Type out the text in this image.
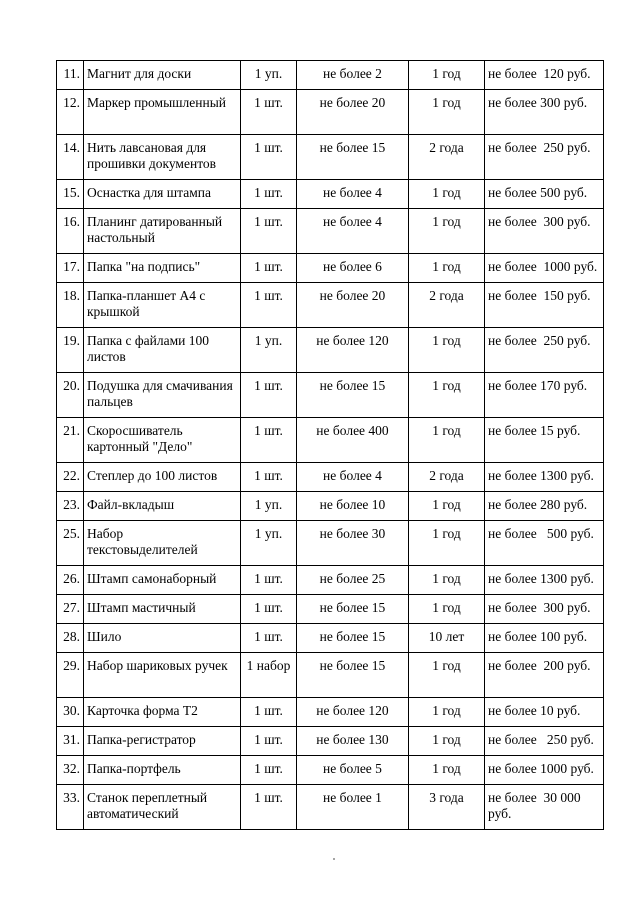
11.	Магнит для доски	1 уп.	не более 2	1 год	не более  120 руб.
12.	Маркер промышленный	1 шт.	не более 20	1 год	не более 300 руб.
14.	Нить лавсановая для прошивки документов	1 шт.	не более 15	2 года	не более  250 руб.
15.	Оснастка для штампа	1 шт.	не более 4	1 год	не более 500 руб.
16.	Планинг датированный настольный	1 шт.	не более 4	1 год	не более  300 руб.
17.	Папка "на подпись"	1 шт.	не более 6	1 год	не более  1000 руб.
18.	Папка-планшет А4 с крышкой	1 шт.	не более 20	2 года	не более  150 руб.
19.	Папка с файлами 100 листов	1 уп.	не более 120	1 год	не более  250 руб.
20.	Подушка для смачивания пальцев	1 шт.	не более 15	1 год	не более 170 руб.
21.	Скоросшиватель картонный "Дело"	1 шт.	не более 400	1 год	не более 15 руб.
22.	Степлер до 100 листов	1 шт.	не более 4	2 года	не более 1300 руб.
23.	Файл-вкладыш	1 уп.	не более 10	1 год	не более 280 руб.
25.	Набор текстовыделителей	1 уп.	не более 30	1 год	не более   500 руб.
26.	Штамп самонаборный	1 шт.	не более 25	1 год	не более 1300 руб.
27.	Штамп мастичный	1 шт.	не более 15	1 год	не более  300 руб.
28.	Шило	1 шт.	не более 15	10 лет	не более 100 руб.
29.	Набор шариковых ручек	1 набор	не более 15	1 год	не более  200 руб.
30.	Карточка форма Т2	1 шт.	не более 120	1 год	не более 10 руб.
31.	Папка-регистратор	1 шт.	не более 130	1 год	не более   250 руб.
32.	Папка-портфель	1 шт.	не более 5	1 год	не более 1000 руб.
33.	Станок переплетный автоматический	1 шт.	не более 1	3 года	не более  30 000 руб.
